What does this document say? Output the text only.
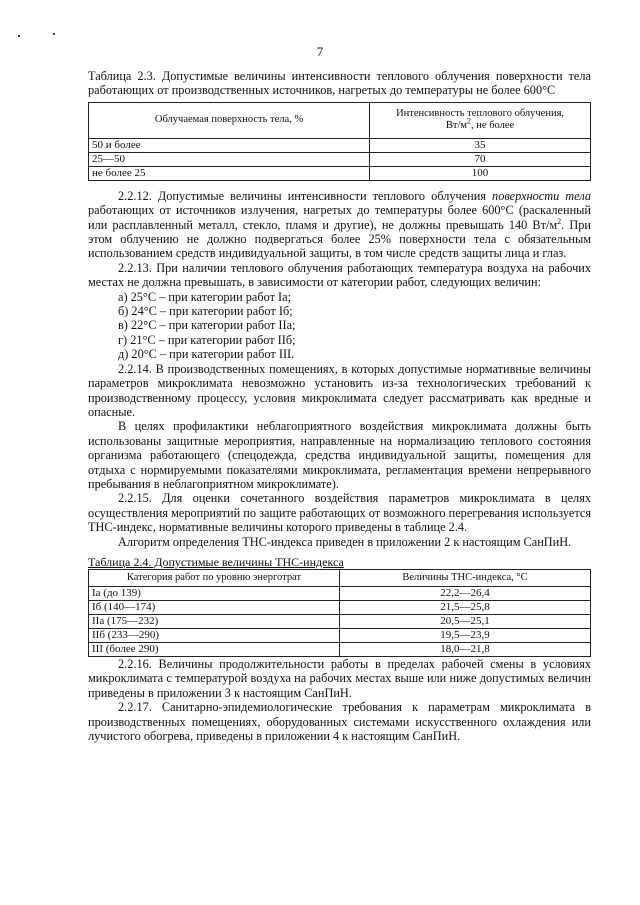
7

Таблица 2.3. Допустимые величины интенсивности теплового облучения поверхности тела работающих от производственных источников, нагретых до температуры не более 600°С

Облучаемая поверхность тела, %	Интенсивность теплового облучения,
$Вт/м^2$, не более
50 и более	35
25—50	70
не более 25	100

2.2.12. Допустимые величины интенсивности теплового облучения поверхности тела работающих от источников излучения, нагретых до температуры более 600°С (раскаленный или расплавленный металл, стекло, пламя и другие), не должны превышать 140 $Вт/м^2$. При этом облучению не должно подвергаться более 25% поверхности тела с обязательным использованием средств индивидуальной защиты, в том числе средств защиты лица и глаз.

2.2.13. При наличии теплового облучения работающих температура воздуха на рабочих местах не должна превышать, в зависимости от категории работ, следующих величин:

а) 25°С – при категории работ Iа;

б) 24°С – при категории работ Iб;

в) 22°С – при категории работ IIа;

г) 21°С – при категории работ IIб;

д) 20°С – при категории работ III.

2.2.14. В производственных помещениях, в которых допустимые нормативные величины параметров микроклимата невозможно установить из-за технологических требований к производственному процессу, условия микроклимата следует рассматривать как вредные и опасные.

В целях профилактики неблагоприятного воздействия микроклимата должны быть использованы защитные мероприятия, направленные на нормализацию теплового состояния организма работающего (спецодежда, средства индивидуальной защиты, помещения для отдыха с нормируемыми показателями микроклимата, регламентация времени непрерывного пребывания в неблагоприятном микроклимате).

2.2.15. Для оценки сочетанного воздействия параметров микроклимата в целях осуществления мероприятий по защите работающих от возможного перегревания используется ТНС-индекс, нормативные величины которого приведены в таблице 2.4.

Алгоритм определения ТНС-индекса приведен в приложении 2 к настоящим СанПиН.

Таблица 2.4. Допустимые величины ТНС-индекса

Категория работ по уровню энерготрат	Величины ТНС-индекса, °С
Iа (до 139)	22,2—26,4
Iб (140—174)	21,5—25,8
IIа (175—232)	20,5—25,1
IIб (233—290)	19,5—23,9
III (более 290)	18,0—21,8

2.2.16. Величины продолжительности работы в пределах рабочей смены в условиях микроклимата с температурой воздуха на рабочих местах выше или ниже допустимых величин приведены в приложении 3 к настоящим СанПиН.

2.2.17. Санитарно-эпидемиологические требования к параметрам микроклимата в производственных помещениях, оборудованных системами искусственного охлаждения или лучистого обогрева, приведены в приложении 4 к настоящим СанПиН.
